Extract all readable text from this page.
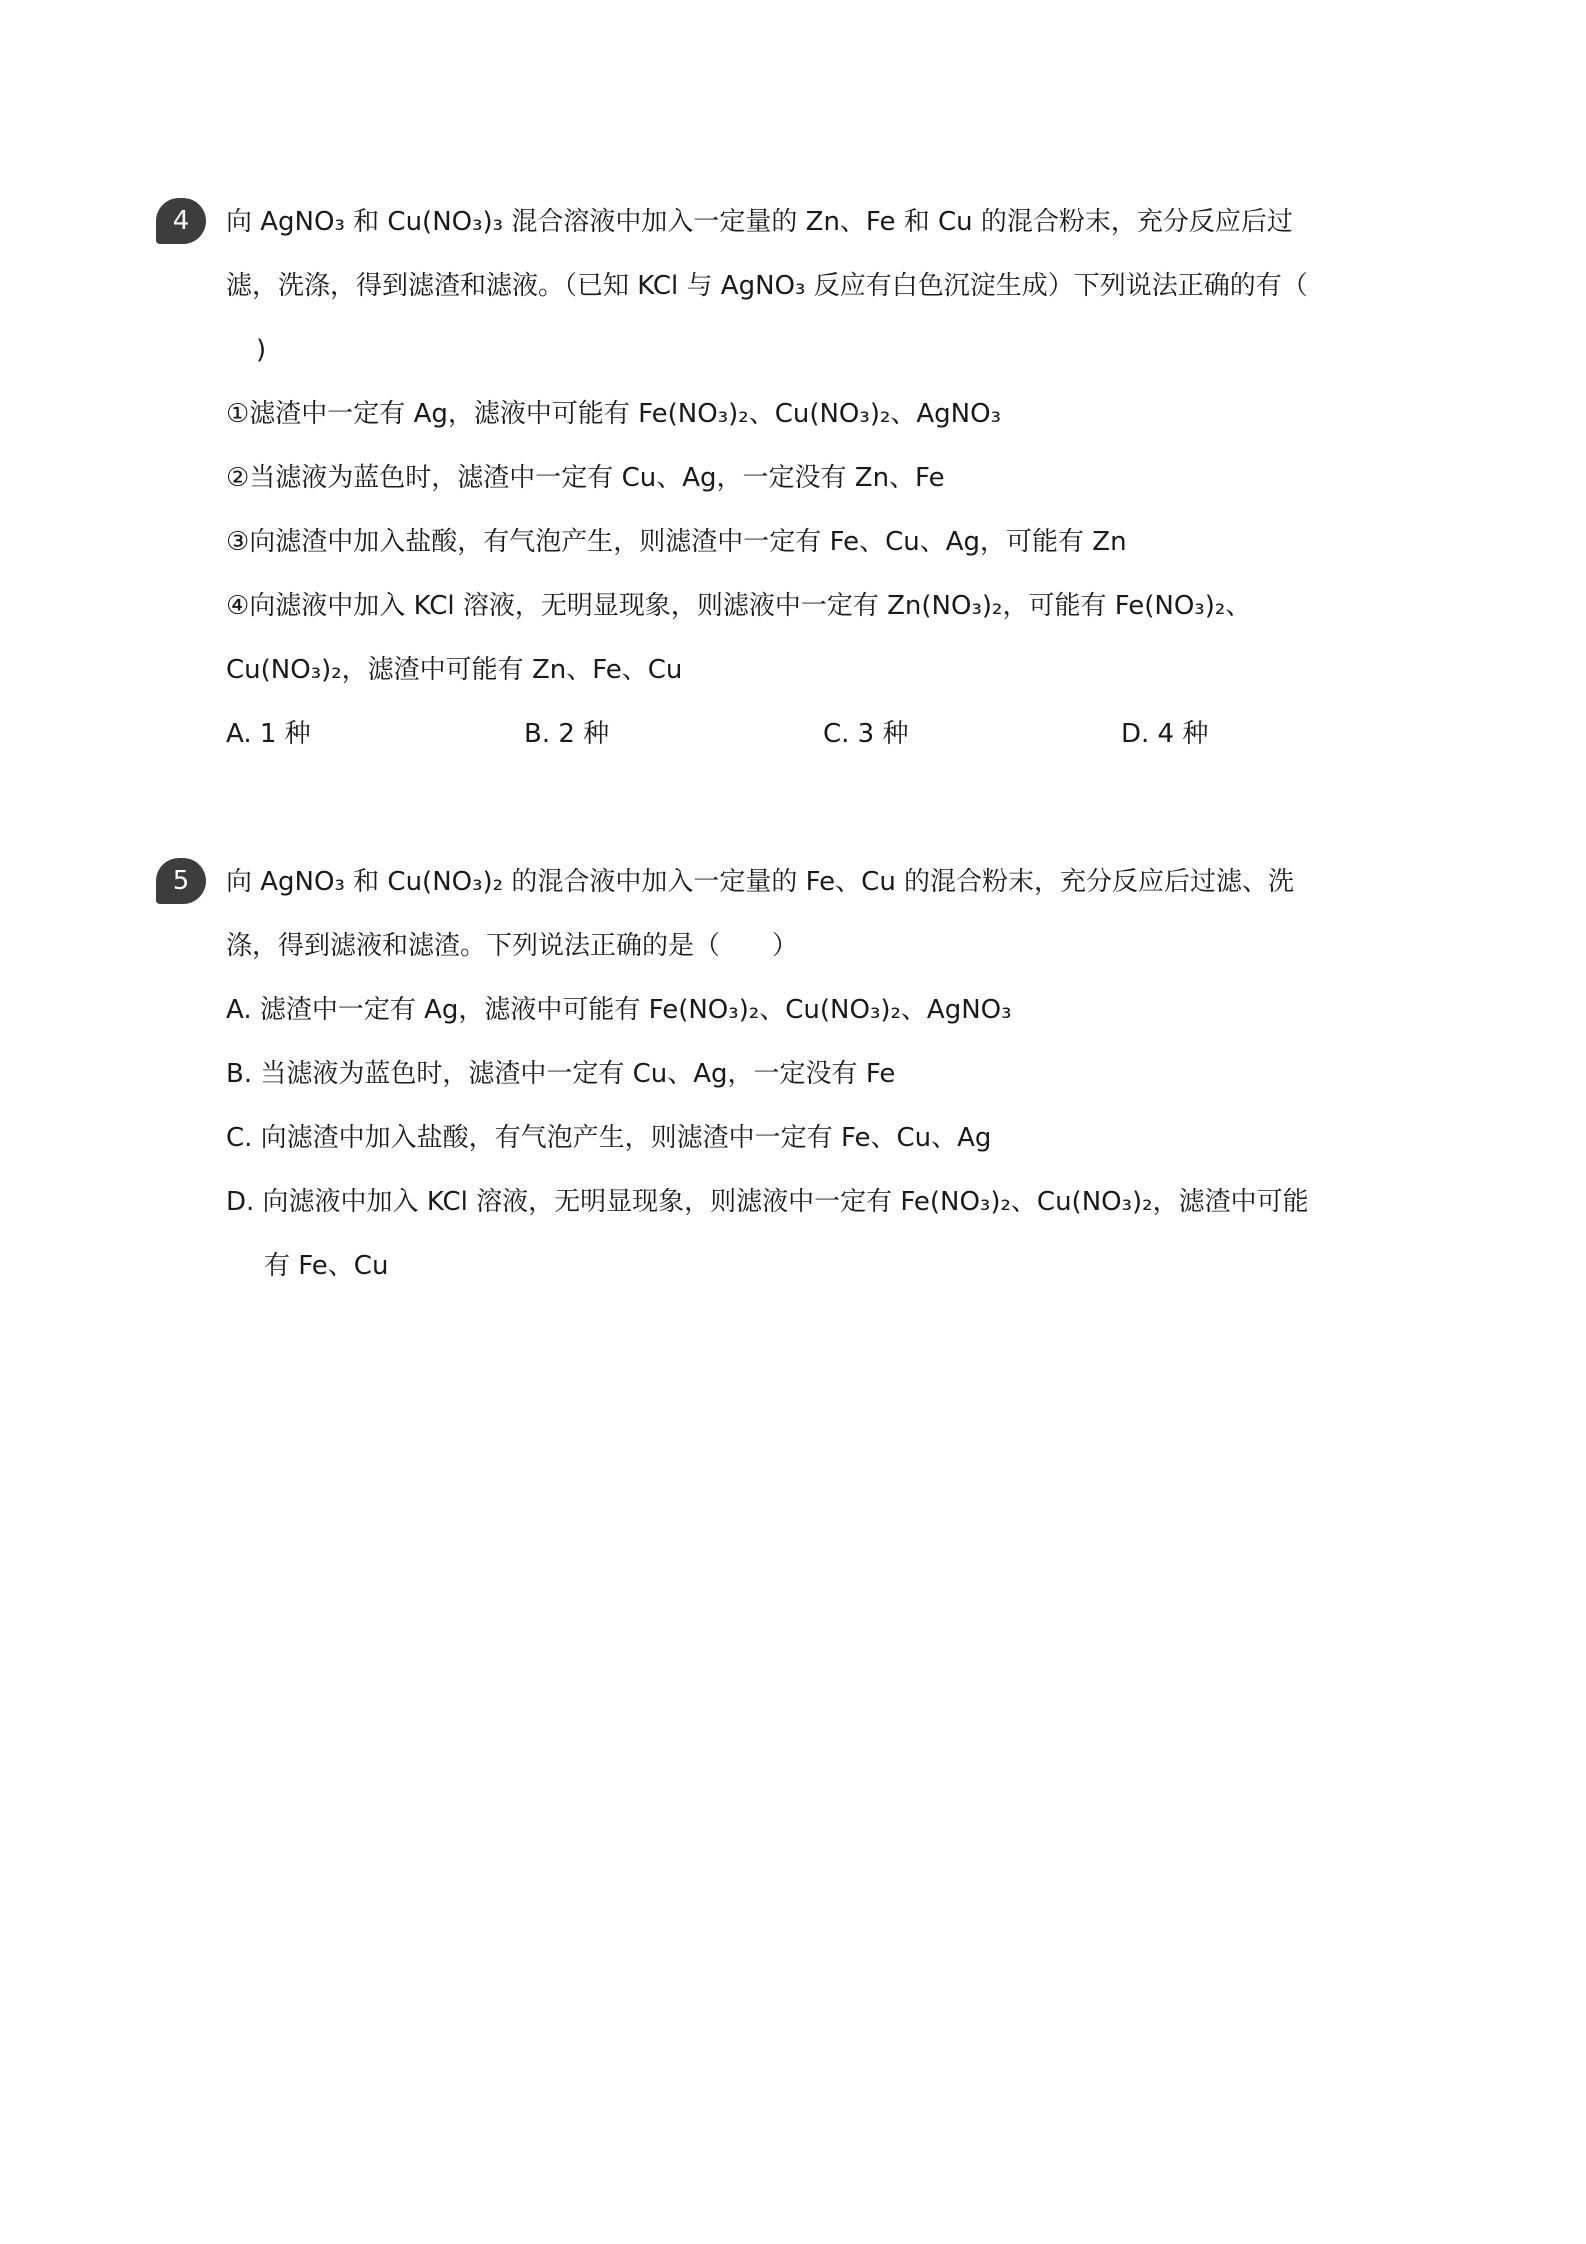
4	向 AgNO₃ 和 Cu(NO₃)₃ 混合溶液中加入一定量的 Zn、Fe 和 Cu 的混合粉末，充分反应后过
滤，洗涤，得到滤渣和滤液。（已知 KCl 与 AgNO₃ 反应有白色沉淀生成）下列说法正确的有（
)
①滤渣中一定有 Ag，滤液中可能有 Fe(NO₃)₂、Cu(NO₃)₂、AgNO₃
②当滤液为蓝色时，滤渣中一定有 Cu、Ag，一定没有 Zn、Fe
③向滤渣中加入盐酸，有气泡产生，则滤渣中一定有 Fe、Cu、Ag，可能有 Zn
④向滤液中加入 KCl 溶液，无明显现象，则滤液中一定有 Zn(NO₃)₂，可能有 Fe(NO₃)₂、
Cu(NO₃)₂，滤渣中可能有 Zn、Fe、Cu
A. 1 种	B. 2 种	C. 3 种	D. 4 种
5	向 AgNO₃ 和 Cu(NO₃)₂ 的混合液中加入一定量的 Fe、Cu 的混合粉末，充分反应后过滤、洗
涤，得到滤液和滤渣。下列说法正确的是（　　）
A. 滤渣中一定有 Ag，滤液中可能有 Fe(NO₃)₂、Cu(NO₃)₂、AgNO₃
B. 当滤液为蓝色时，滤渣中一定有 Cu、Ag，一定没有 Fe
C. 向滤渣中加入盐酸，有气泡产生，则滤渣中一定有 Fe、Cu、Ag
D. 向滤液中加入 KCl 溶液，无明显现象，则滤液中一定有 Fe(NO₃)₂、Cu(NO₃)₂，滤渣中可能
有 Fe、Cu
